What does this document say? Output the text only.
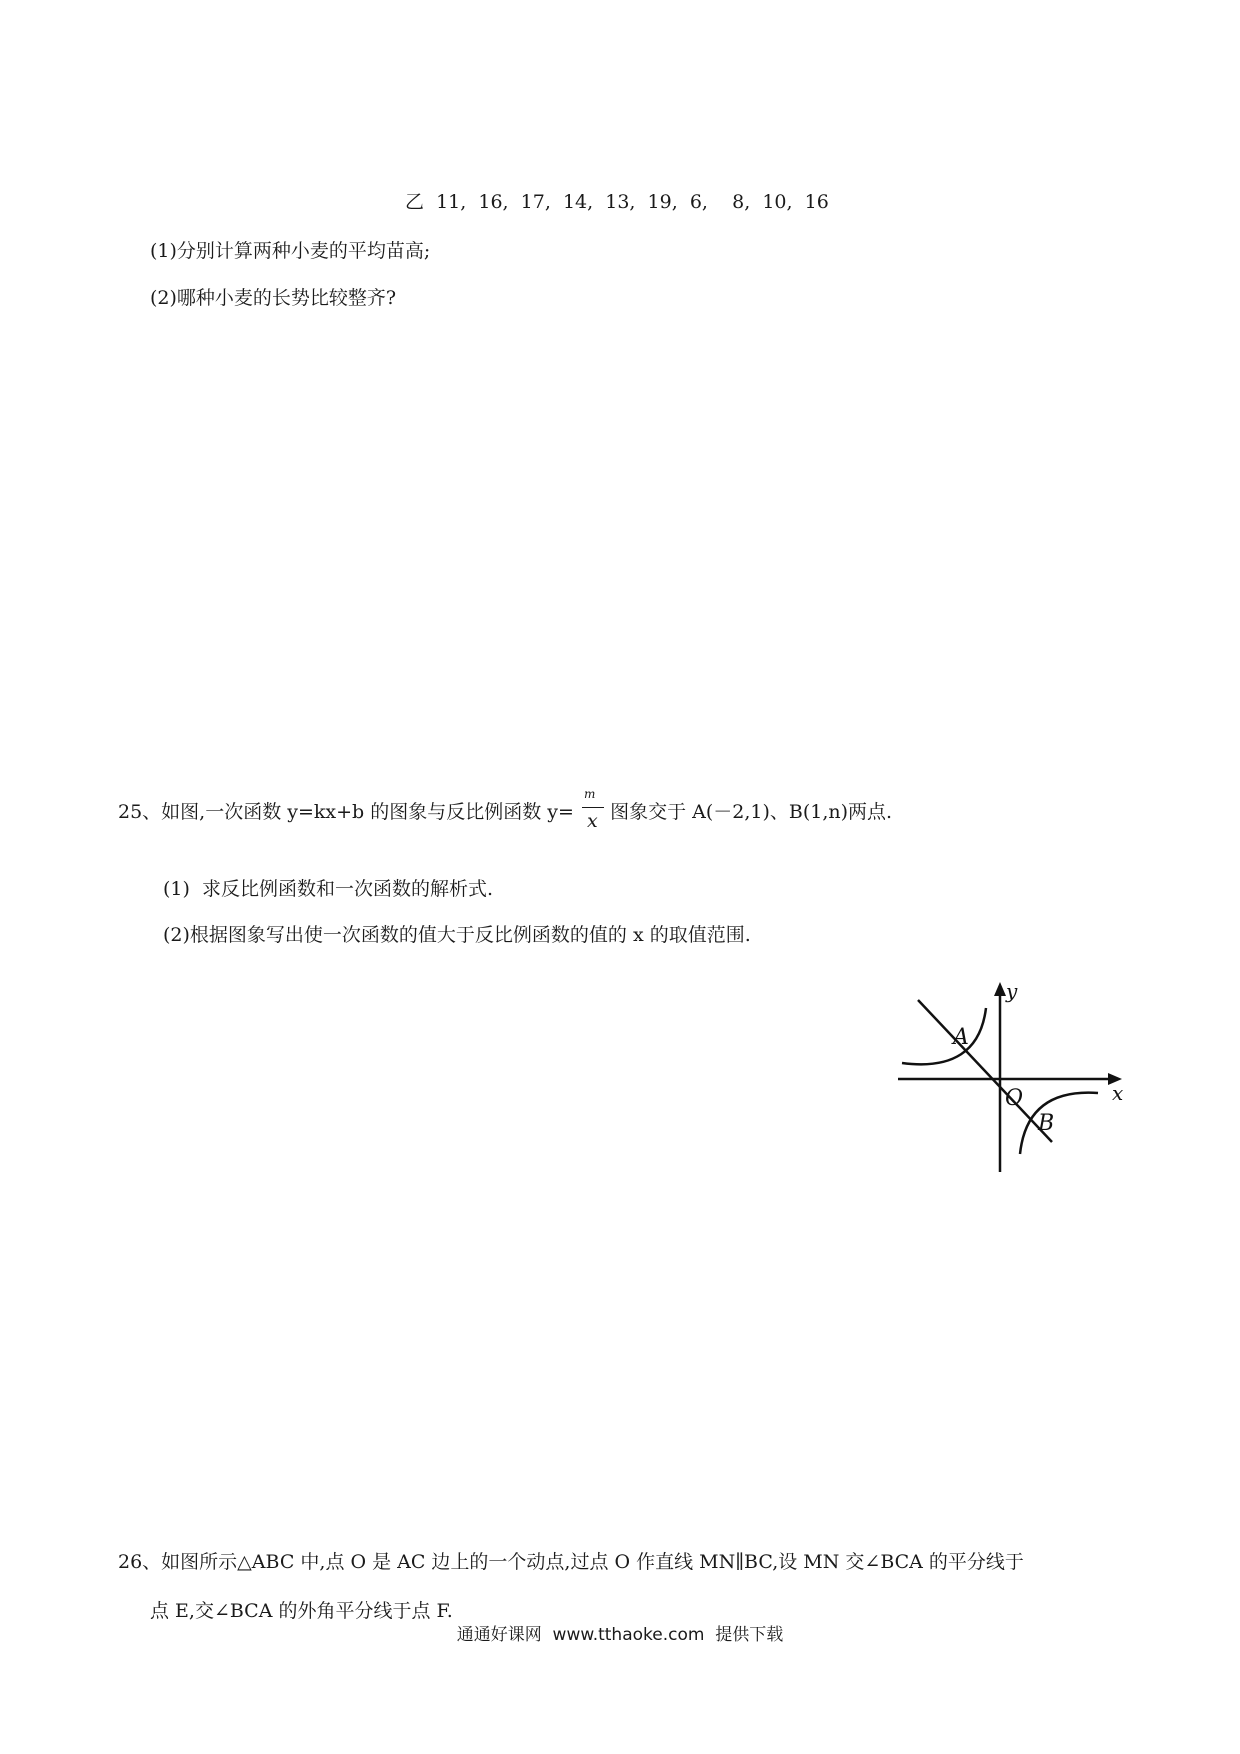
乙 11,  16,  17,  14,  13,  19,  6,    8,  10,  16
(1)分别计算两种小麦的平均苗高;
(2)哪种小麦的长势比较整齐?
25、如图,一次函数 y=kx+b 的图象与反比例函数 $y= \frac{m}{x}$ 图象交于 A(－2,1)、B(1,n)两点.
(1)  求反比例函数和一次函数的解析式.
(2)根据图象写出使一次函数的值大于反比例函数的值的 x 的取值范围.
y
x
O
A
B
26、如图所示△ABC 中,点 O 是 AC 边上的一个动点,过点 O 作直线 MN∥BC,设 MN 交∠BCA 的平分线于
点 E,交∠BCA 的外角平分线于点 F.
通通好课网  www.tthaoke.com  提供下载
